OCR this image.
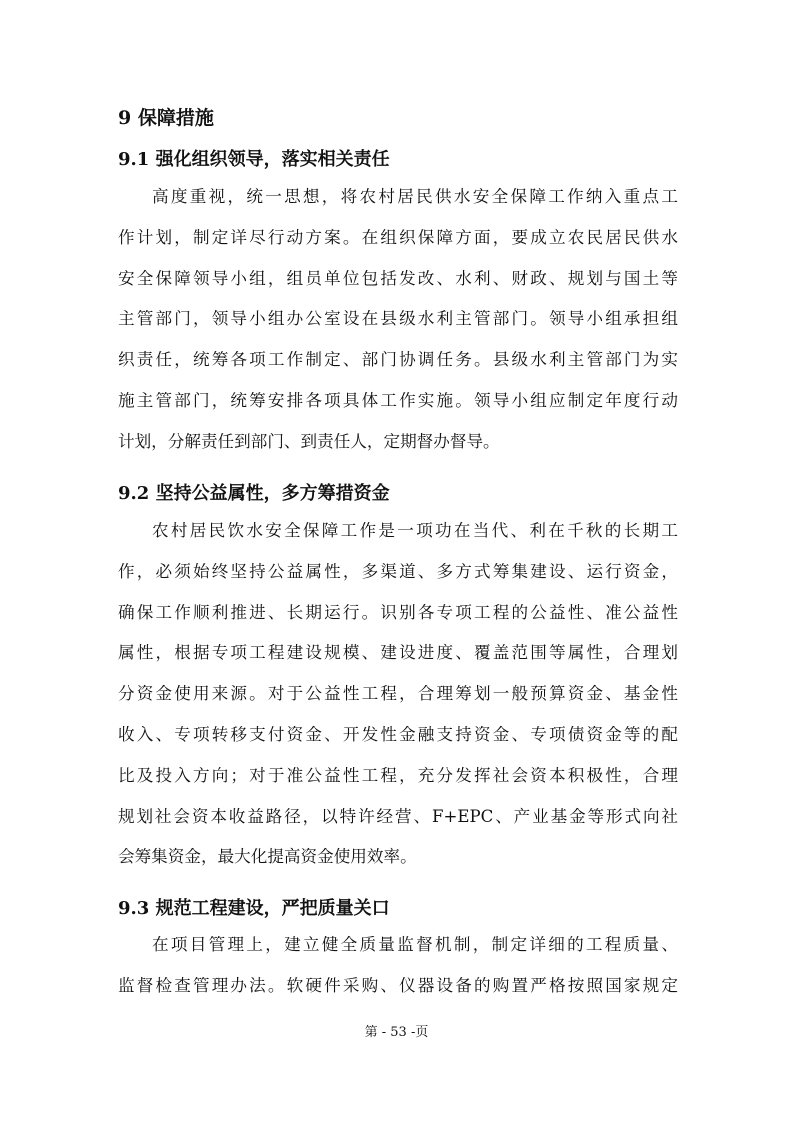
9 保障措施
9.1 强化组织领导，落实相关责任
高度重视，统一思想，将农村居民供水安全保障工作纳入重点工
作计划，制定详尽行动方案。在组织保障方面，要成立农民居民供水
安全保障领导小组，组员单位包括发改、水利、财政、规划与国土等
主管部门，领导小组办公室设在县级水利主管部门。领导小组承担组
织责任，统筹各项工作制定、部门协调任务。县级水利主管部门为实
施主管部门，统筹安排各项具体工作实施。领导小组应制定年度行动
计划，分解责任到部门、到责任人，定期督办督导。
9.2 坚持公益属性，多方筹措资金
农村居民饮水安全保障工作是一项功在当代、利在千秋的长期工
作，必须始终坚持公益属性，多渠道、多方式筹集建设、运行资金，
确保工作顺利推进、长期运行。识别各专项工程的公益性、准公益性
属性，根据专项工程建设规模、建设进度、覆盖范围等属性，合理划
分资金使用来源。对于公益性工程，合理筹划一般预算资金、基金性
收入、专项转移支付资金、开发性金融支持资金、专项债资金等的配
比及投入方向；对于准公益性工程，充分发挥社会资本积极性，合理
规划社会资本收益路径，以特许经营、F+EPC、产业基金等形式向社
会筹集资金，最大化提高资金使用效率。
9.3 规范工程建设，严把质量关口
在项目管理上，建立健全质量监督机制，制定详细的工程质量、
监督检查管理办法。软硬件采购、仪器设备的购置严格按照国家规定
第 - 53 -页
